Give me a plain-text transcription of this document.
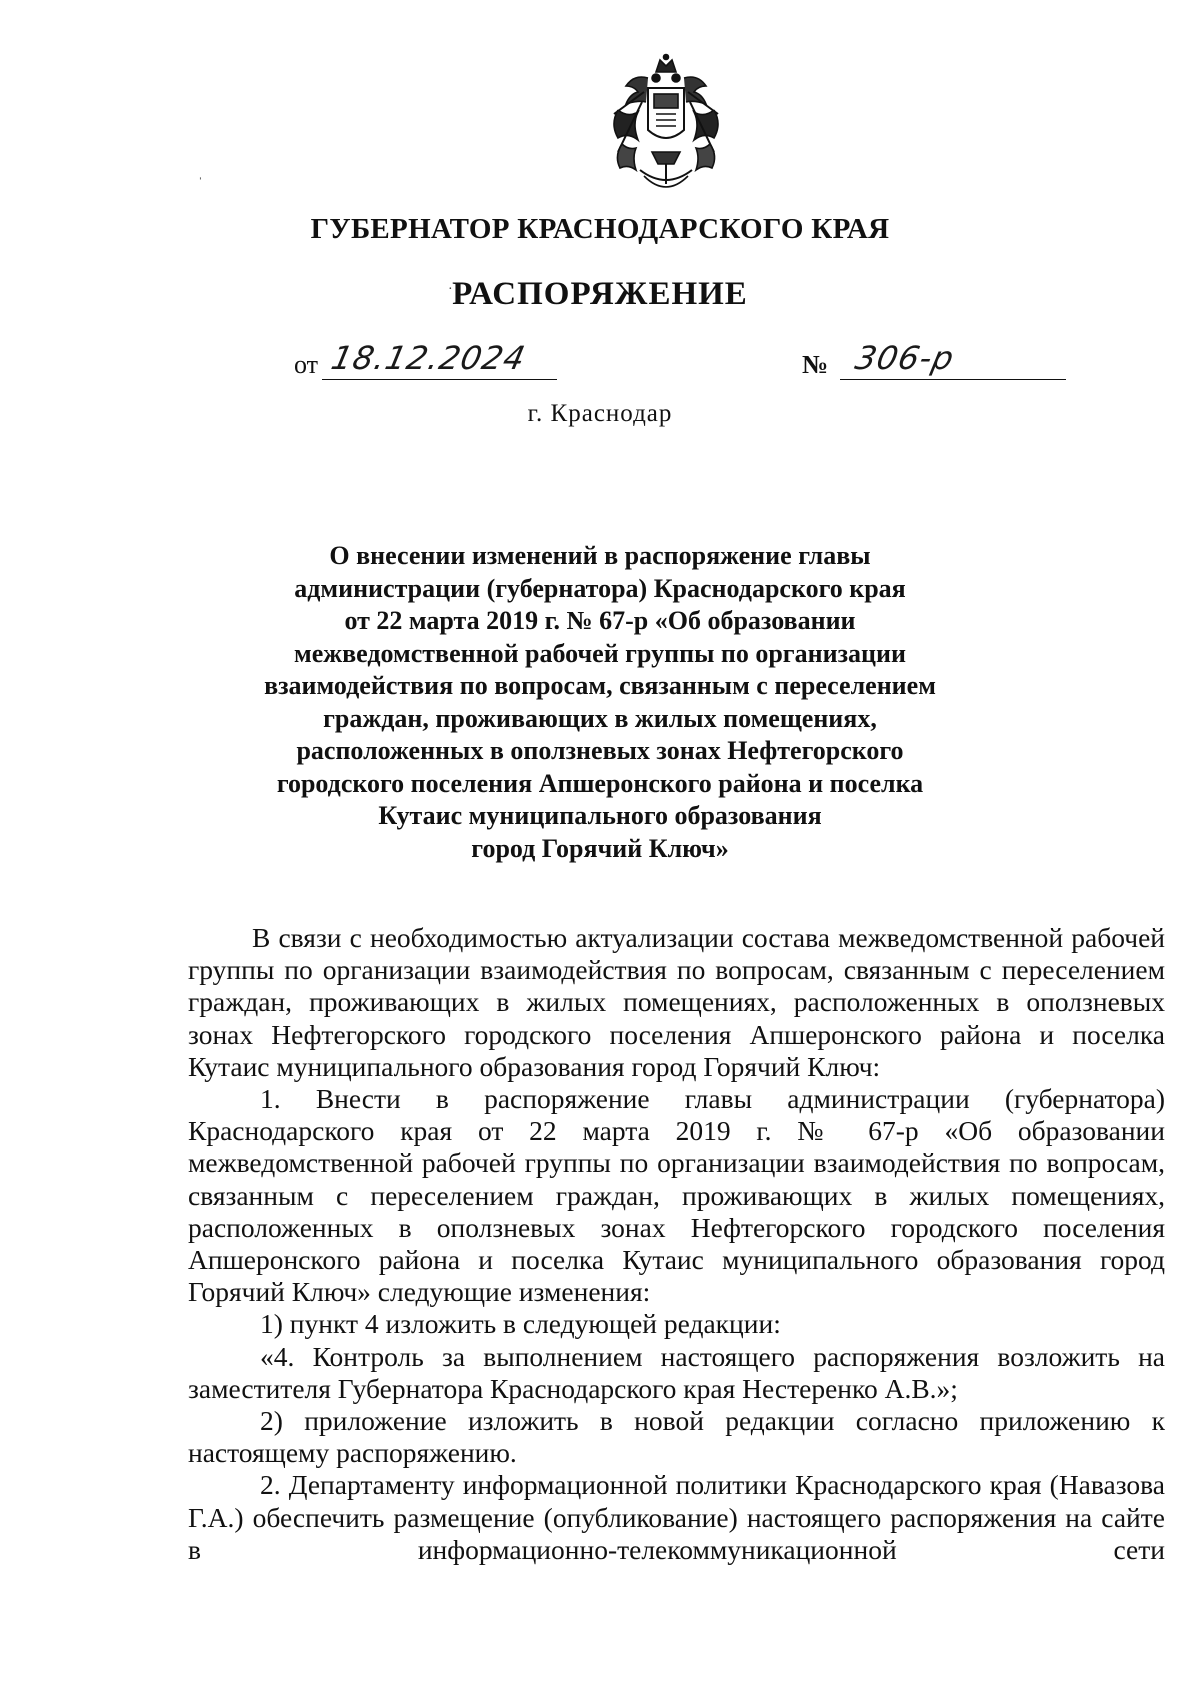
ГУБЕРНАТОР КРАСНОДАРСКОГО КРАЯ
РАСПОРЯЖЕНИЕ
от 18.12.2024	№ 306-р
г. Краснодар
О внесении изменений в распоряжение главы
администрации (губернатора) Краснодарского края
от 22 марта 2019 г. № 67-р «Об образовании
межведомственной рабочей группы по организации
взаимодействия по вопросам, связанным с переселением
граждан, проживающих в жилых помещениях,
расположенных в оползневых зонах Нефтегорского
городского поселения Апшеронского района и поселка
Кутаис муниципального образования
город Горячий Ключ»
В связи с необходимостью актуализации состава межведомственной рабочей группы по организации взаимодействия по вопросам, связанным с переселением граждан, проживающих в жилых помещениях, расположенных в оползневых зонах Нефтегорского городского поселения Апшеронского района и поселка Кутаис муниципального образования город Горячий Ключ:
1. Внести в распоряжение главы администрации (губернатора) Краснодарского края от 22 марта 2019 г. № 67-р «Об образовании межведомственной рабочей группы по организации взаимодействия по вопросам, связанным с переселением граждан, проживающих в жилых помещениях, расположенных в оползневых зонах Нефтегорского городского поселения Апшеронского района и поселка Кутаис муниципального образования город Горячий Ключ» следующие изменения:
1) пункт 4 изложить в следующей редакции:
«4. Контроль за выполнением настоящего распоряжения возложить на заместителя Губернатора Краснодарского края Нестеренко А.В.»;
2) приложение изложить в новой редакции согласно приложению к настоящему распоряжению.
2. Департаменту информационной политики Краснодарского края (Навазова Г.А.) обеспечить размещение (опубликование) настоящего распоряжения на сайте в информационно-телекоммуникационной сети
ˈ
·
